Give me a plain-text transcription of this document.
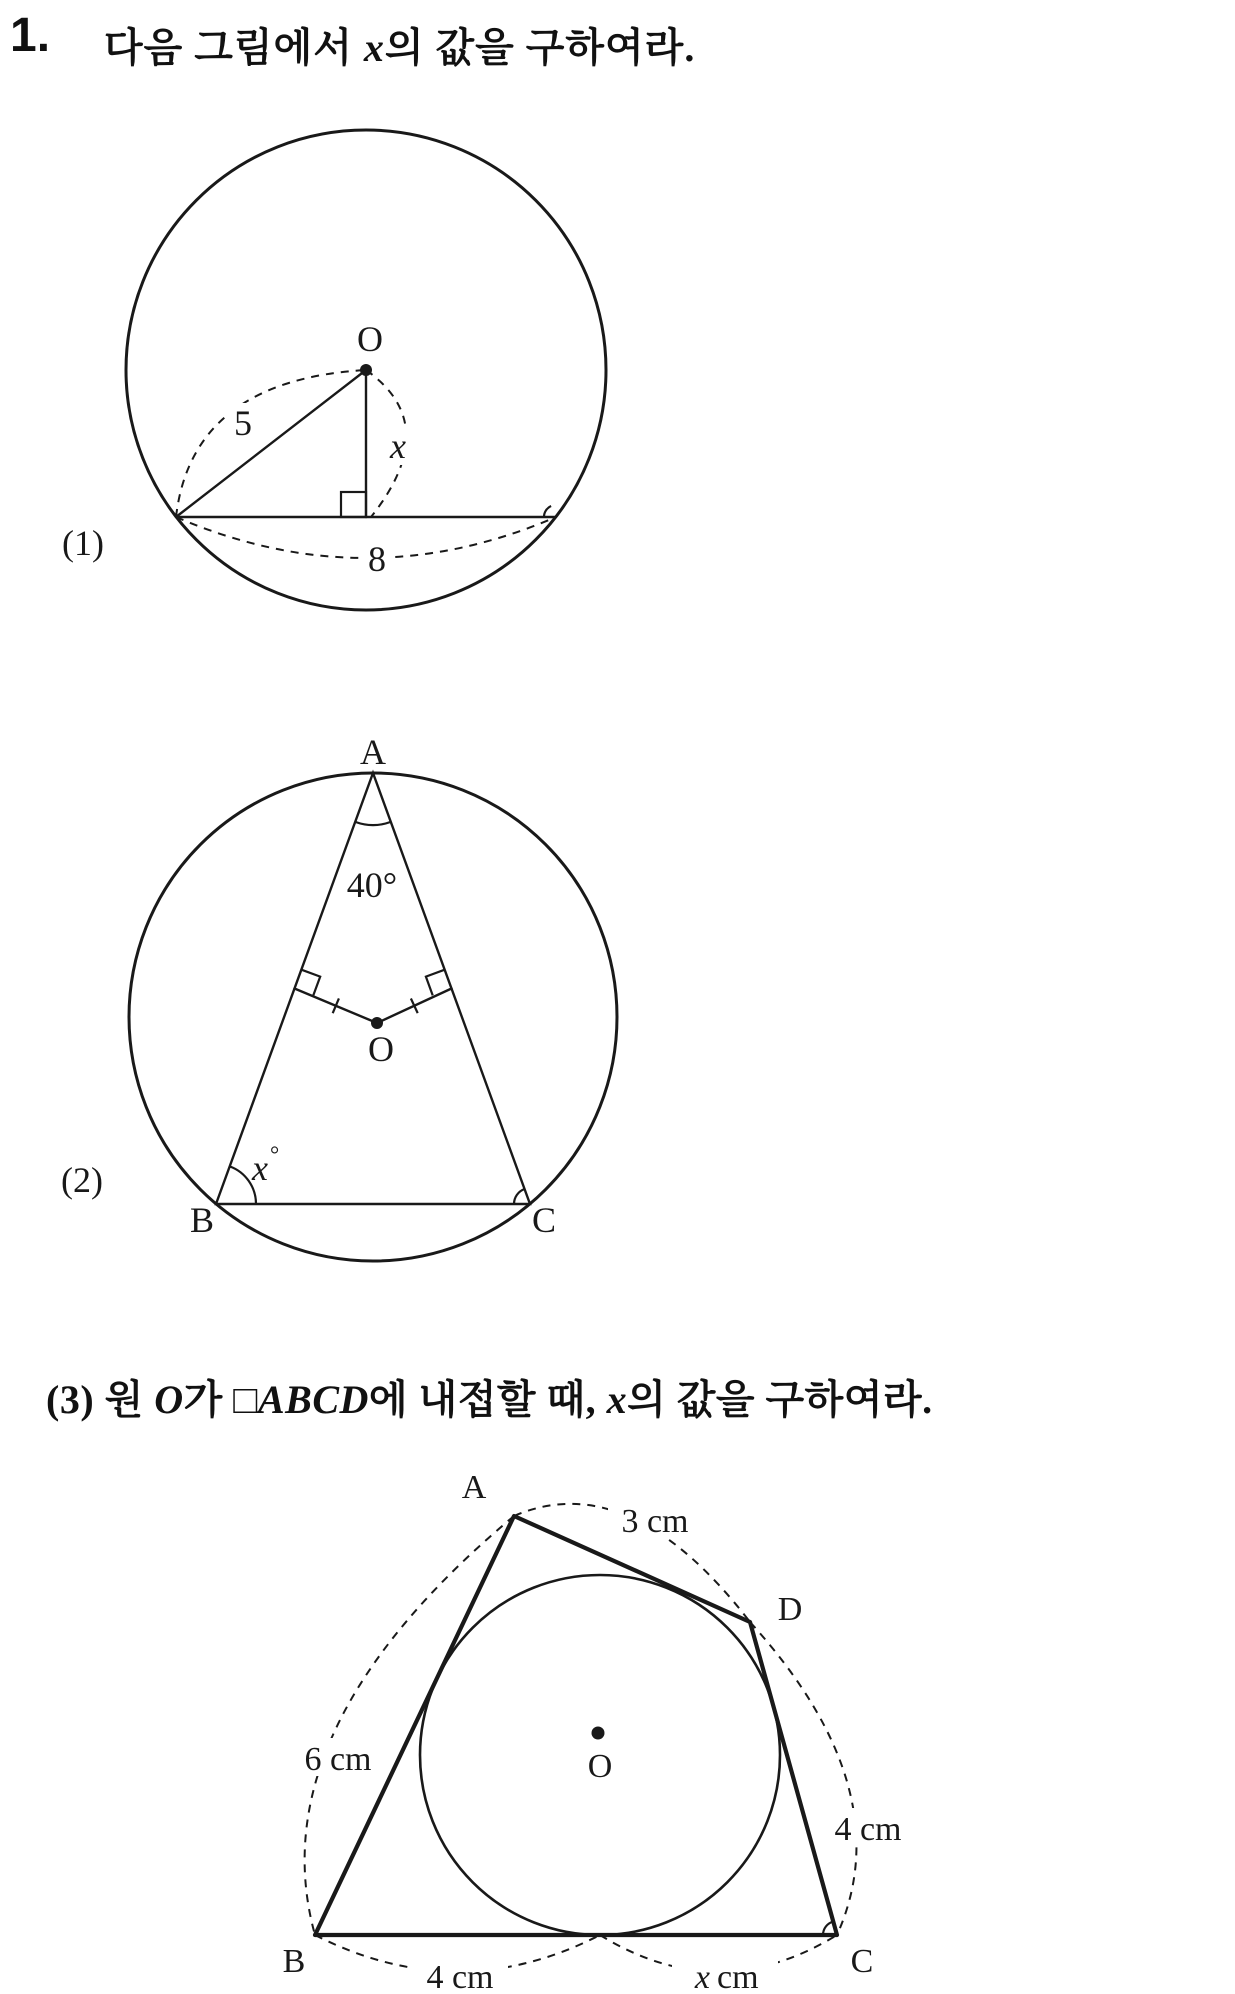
1. 다음 그림에서 x의 값을 구하여라.
O
5
x
8
(1)
A
40°
O
x °
B	C
(2)
(3) 원 O가 □ABCD에 내접할 때, x의 값을 구하여라.
O
A
D
B	C
3 cm
6 cm
4 cm
4 cm	x cm
